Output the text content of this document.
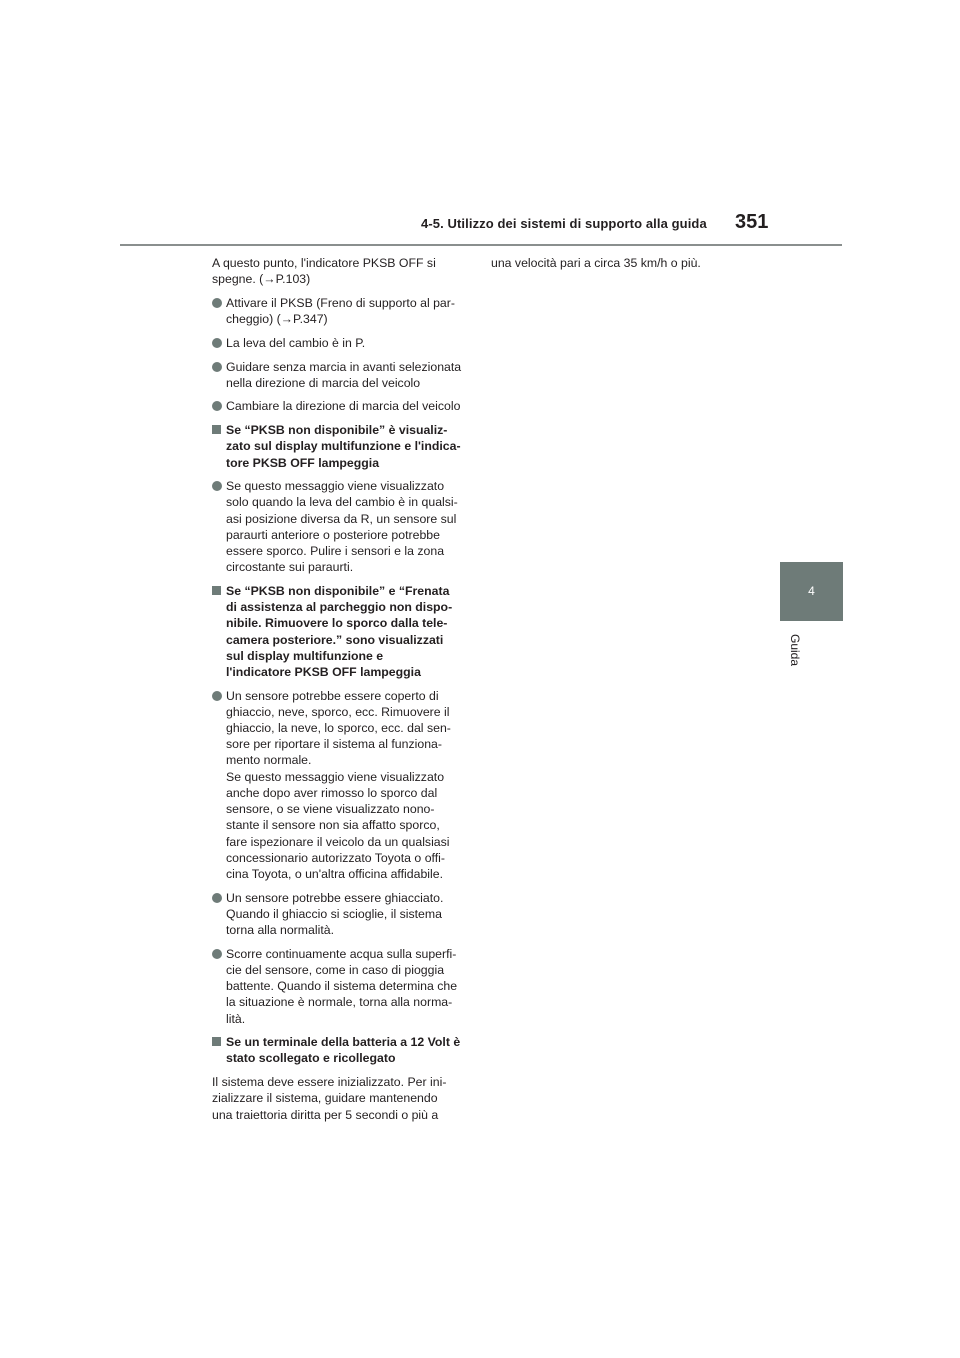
4-5. Utilizzo dei sistemi di supporto alla guida 351
4
Guida
A questo punto, l'indicatore PKSB OFF si
spegne. (→P.103)
Attivare il PKSB (Freno di supporto al par-
cheggio) (→P.347)
La leva del cambio è in P.
Guidare senza marcia in avanti selezionata
nella direzione di marcia del veicolo
Cambiare la direzione di marcia del veicolo
Se “PKSB non disponibile” è visualiz-
zato sul display multifunzione e l'indica-
tore PKSB OFF lampeggia
Se questo messaggio viene visualizzato
solo quando la leva del cambio è in qualsi-
asi posizione diversa da R, un sensore sul
paraurti anteriore o posteriore potrebbe
essere sporco. Pulire i sensori e la zona
circostante sui paraurti.
Se “PKSB non disponibile” e “Frenata
di assistenza al parcheggio non dispo-
nibile. Rimuovere lo sporco dalla tele-
camera posteriore.” sono visualizzati
sul display multifunzione e
l'indicatore PKSB OFF lampeggia
Un sensore potrebbe essere coperto di
ghiaccio, neve, sporco, ecc. Rimuovere il
ghiaccio, la neve, lo sporco, ecc. dal sen-
sore per riportare il sistema al funziona-
mento normale.
Se questo messaggio viene visualizzato
anche dopo aver rimosso lo sporco dal
sensore, o se viene visualizzato nono-
stante il sensore non sia affatto sporco,
fare ispezionare il veicolo da un qualsiasi
concessionario autorizzato Toyota o offi-
cina Toyota, o un'altra officina affidabile.
Un sensore potrebbe essere ghiacciato.
Quando il ghiaccio si scioglie, il sistema
torna alla normalità.
Scorre continuamente acqua sulla superfi-
cie del sensore, come in caso di pioggia
battente. Quando il sistema determina che
la situazione è normale, torna alla norma-
lità.
Se un terminale della batteria a 12 Volt è
stato scollegato e ricollegato
Il sistema deve essere inizializzato. Per ini-
zializzare il sistema, guidare mantenendo
una traiettoria diritta per 5 secondi o più a
una velocità pari a circa 35 km/h o più.
